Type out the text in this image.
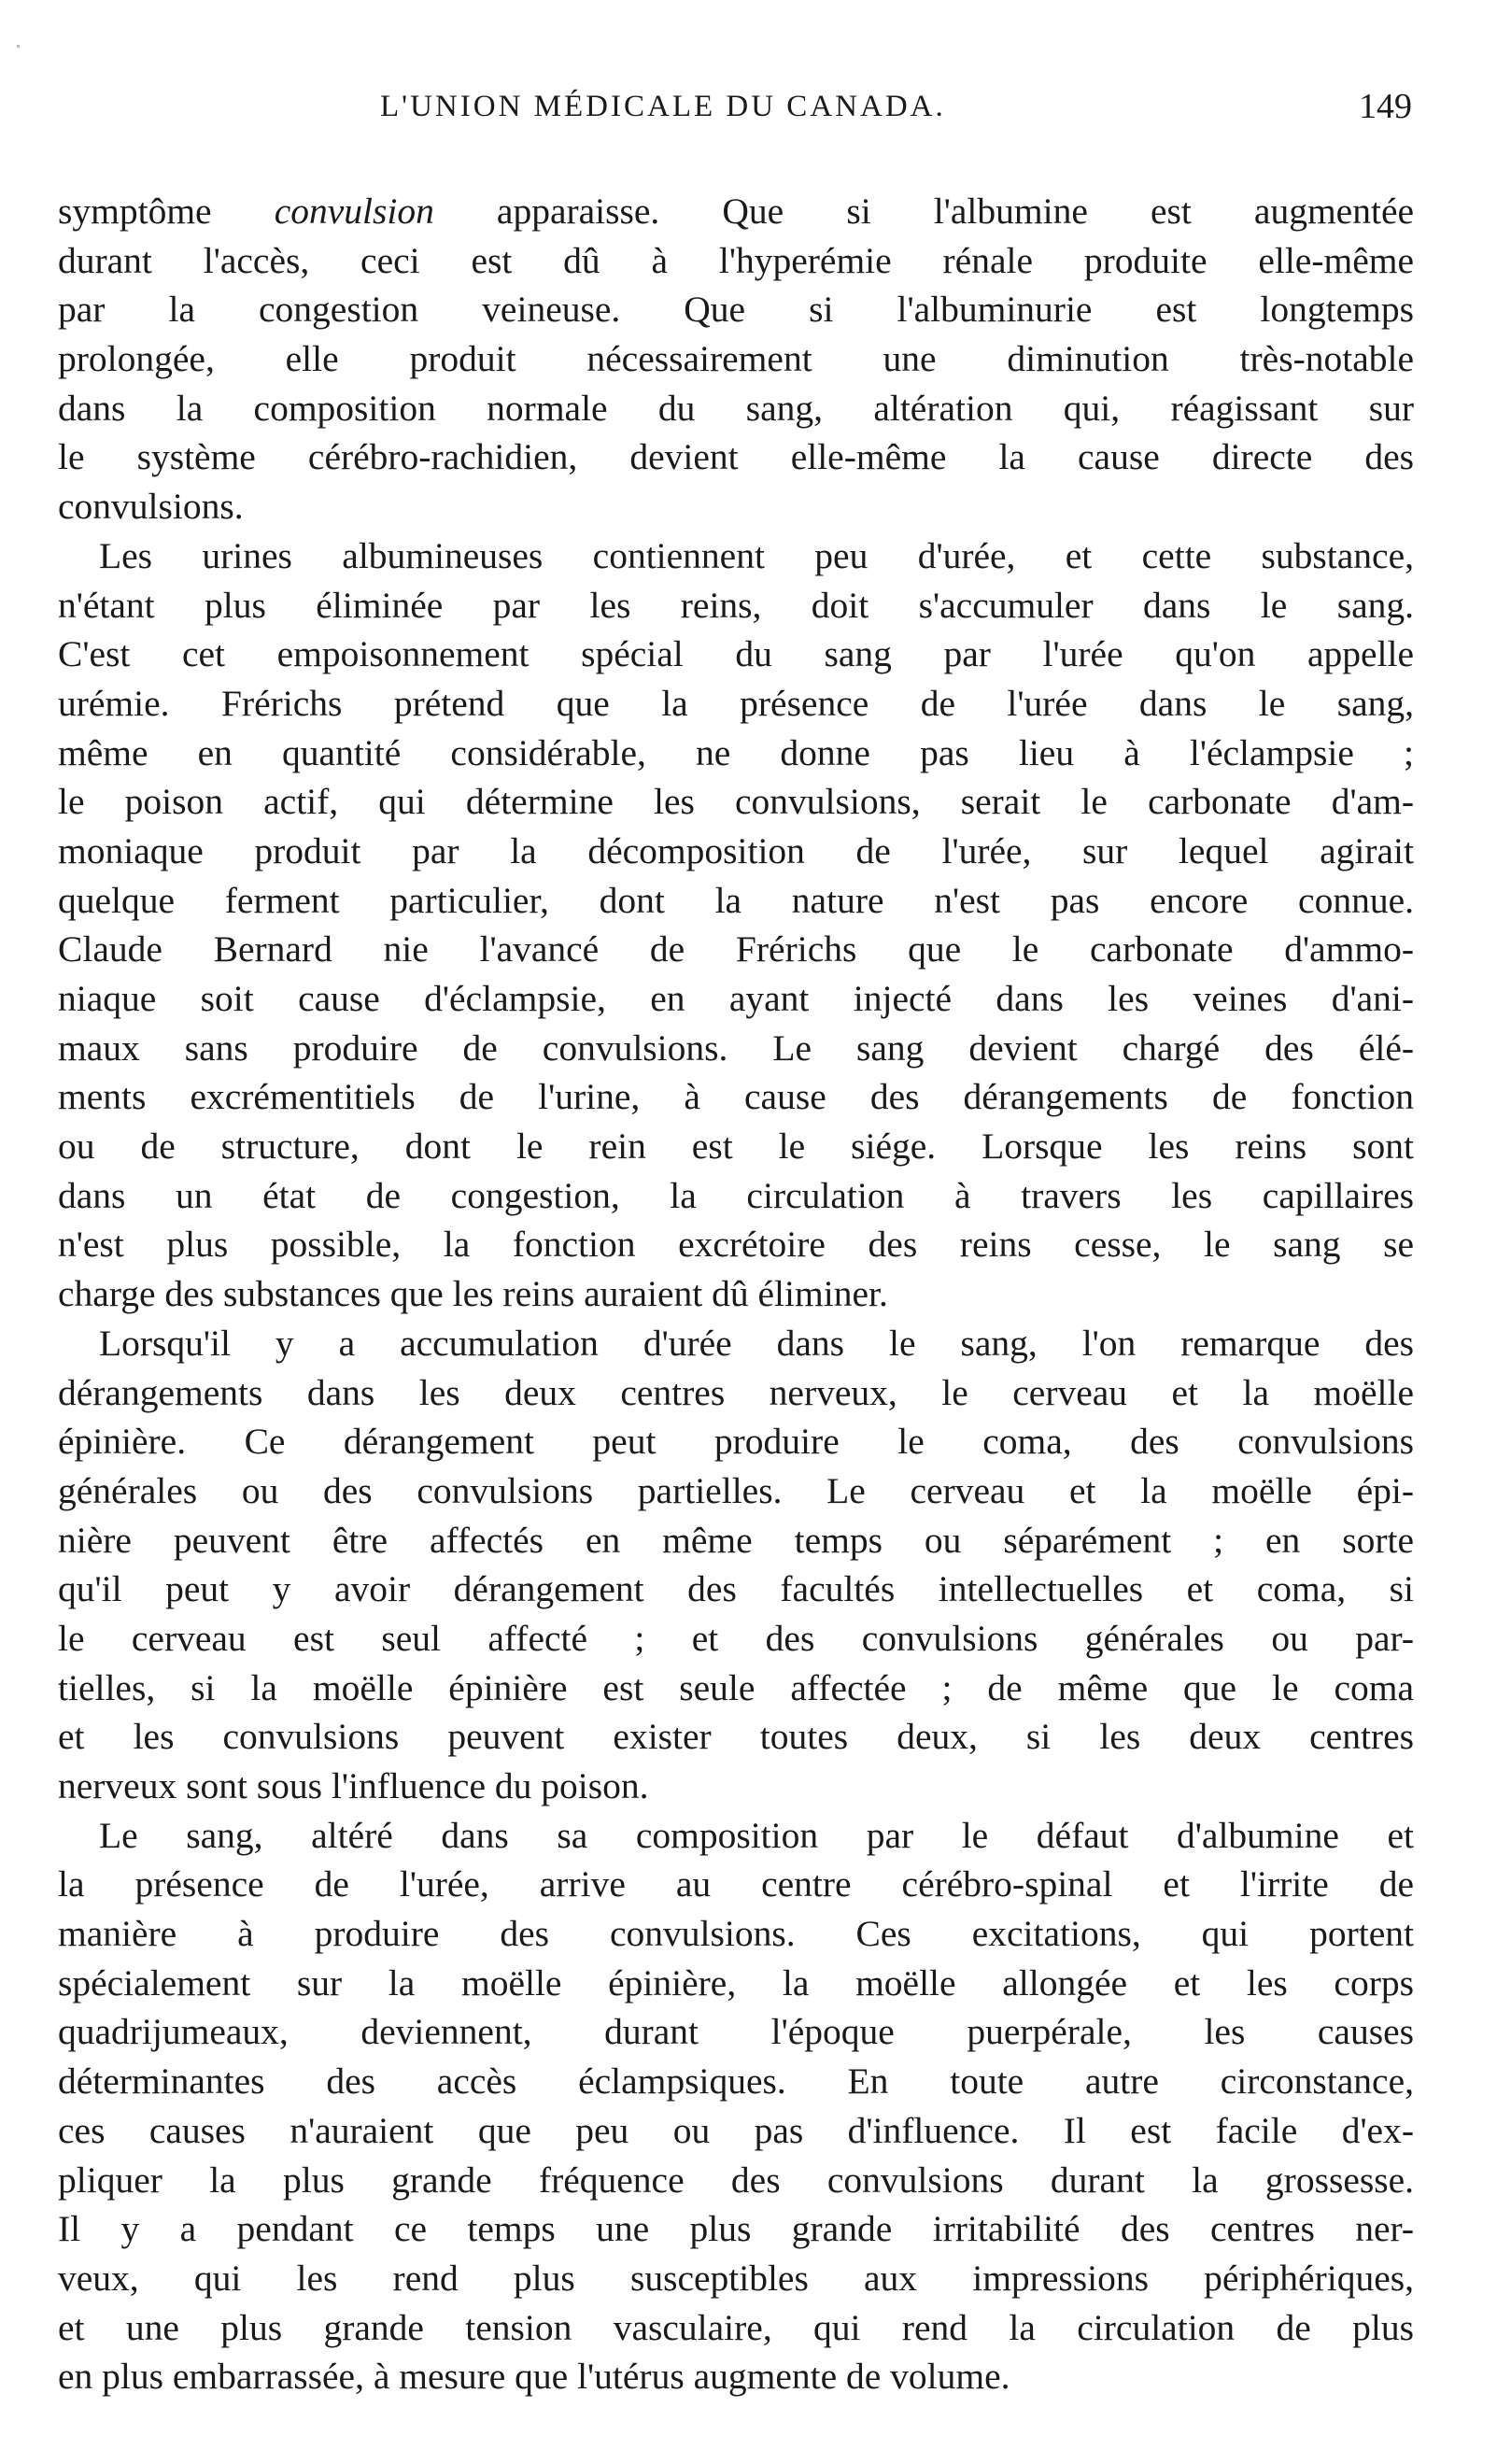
L'UNION MÉDICALE DU CANADA.	149
symptôme convulsion apparaisse. Que si l'albumine est augmentée
durant l'accès, ceci est dû à l'hyperémie rénale produite elle-même
par la congestion veineuse. Que si l'albuminurie est longtemps
prolongée, elle produit nécessairement une diminution très-notable
dans la composition normale du sang, altération qui, réagissant sur
le système cérébro-rachidien, devient elle-même la cause directe des
convulsions.
Les urines albumineuses contiennent peu d'urée, et cette substance,
n'étant plus éliminée par les reins, doit s'accumuler dans le sang.
C'est cet empoisonnement spécial du sang par l'urée qu'on appelle
urémie. Frérichs prétend que la présence de l'urée dans le sang,
même en quantité considérable, ne donne pas lieu à l'éclampsie ;
le poison actif, qui détermine les convulsions, serait le carbonate d'am-
moniaque produit par la décomposition de l'urée, sur lequel agirait
quelque ferment particulier, dont la nature n'est pas encore connue.
Claude Bernard nie l'avancé de Frérichs que le carbonate d'ammo-
niaque soit cause d'éclampsie, en ayant injecté dans les veines d'ani-
maux sans produire de convulsions. Le sang devient chargé des élé-
ments excrémentitiels de l'urine, à cause des dérangements de fonction
ou de structure, dont le rein est le siége. Lorsque les reins sont
dans un état de congestion, la circulation à travers les capillaires
n'est plus possible, la fonction excrétoire des reins cesse, le sang se
charge des substances que les reins auraient dû éliminer.
Lorsqu'il y a accumulation d'urée dans le sang, l'on remarque des
dérangements dans les deux centres nerveux, le cerveau et la moëlle
épinière. Ce dérangement peut produire le coma, des convulsions
générales ou des convulsions partielles. Le cerveau et la moëlle épi-
nière peuvent être affectés en même temps ou séparément ; en sorte
qu'il peut y avoir dérangement des facultés intellectuelles et coma, si
le cerveau est seul affecté ; et des convulsions générales ou par-
tielles, si la moëlle épinière est seule affectée ; de même que le coma
et les convulsions peuvent exister toutes deux, si les deux centres
nerveux sont sous l'influence du poison.
Le sang, altéré dans sa composition par le défaut d'albumine et
la présence de l'urée, arrive au centre cérébro-spinal et l'irrite de
manière à produire des convulsions. Ces excitations, qui portent
spécialement sur la moëlle épinière, la moëlle allongée et les corps
quadrijumeaux, deviennent, durant l'époque puerpérale, les causes
déterminantes des accès éclampsiques. En toute autre circonstance,
ces causes n'auraient que peu ou pas d'influence. Il est facile d'ex-
pliquer la plus grande fréquence des convulsions durant la grossesse.
Il y a pendant ce temps une plus grande irritabilité des centres ner-
veux, qui les rend plus susceptibles aux impressions périphériques,
et une plus grande tension vasculaire, qui rend la circulation de plus
en plus embarrassée, à mesure que l'utérus augmente de volume.
